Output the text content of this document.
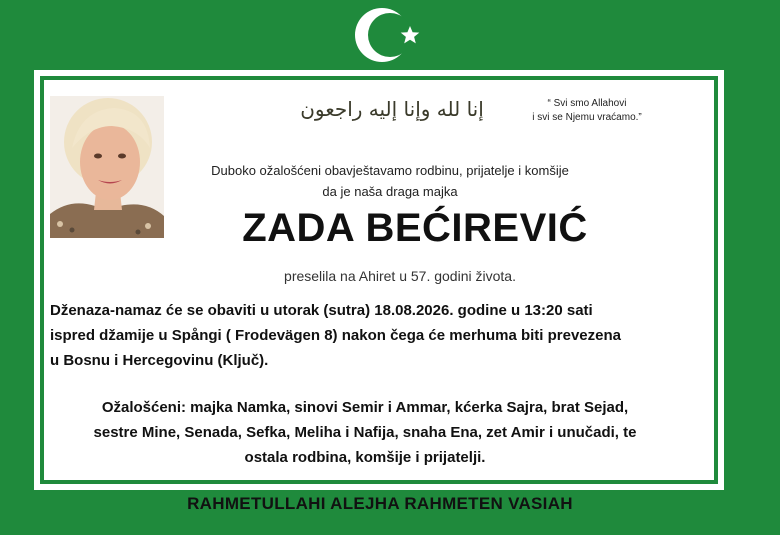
إنا لله وإنا إليه راجعون	“ Svi smo Allahovi
i svi se Njemu vraćamo.”
Duboko ožalošćeni obavještavamo rodbinu, prijatelje i komšije
da je naša draga majka
ZADA BEĆIREVIĆ
preselila na Ahiret u 57. godini života.
Dženaza-namaz će se obaviti u utorak (sutra) 18.08.2026. godine u 13:20 sati
ispred džamije u Spångi ( Frodevägen 8) nakon čega će merhuma biti prevezena
u Bosnu i Hercegovinu (Ključ).
Ožalošćeni: majka Namka, sinovi Semir i Ammar, kćerka Sajra, brat Sejad,
sestre Mine, Senada, Sefka, Meliha i Nafija, snaha Ena, zet Amir i unučadi, te
ostala rodbina, komšije i prijatelji.
RAHMETULLAHI ALEJHA RAHMETEN VASIAH
